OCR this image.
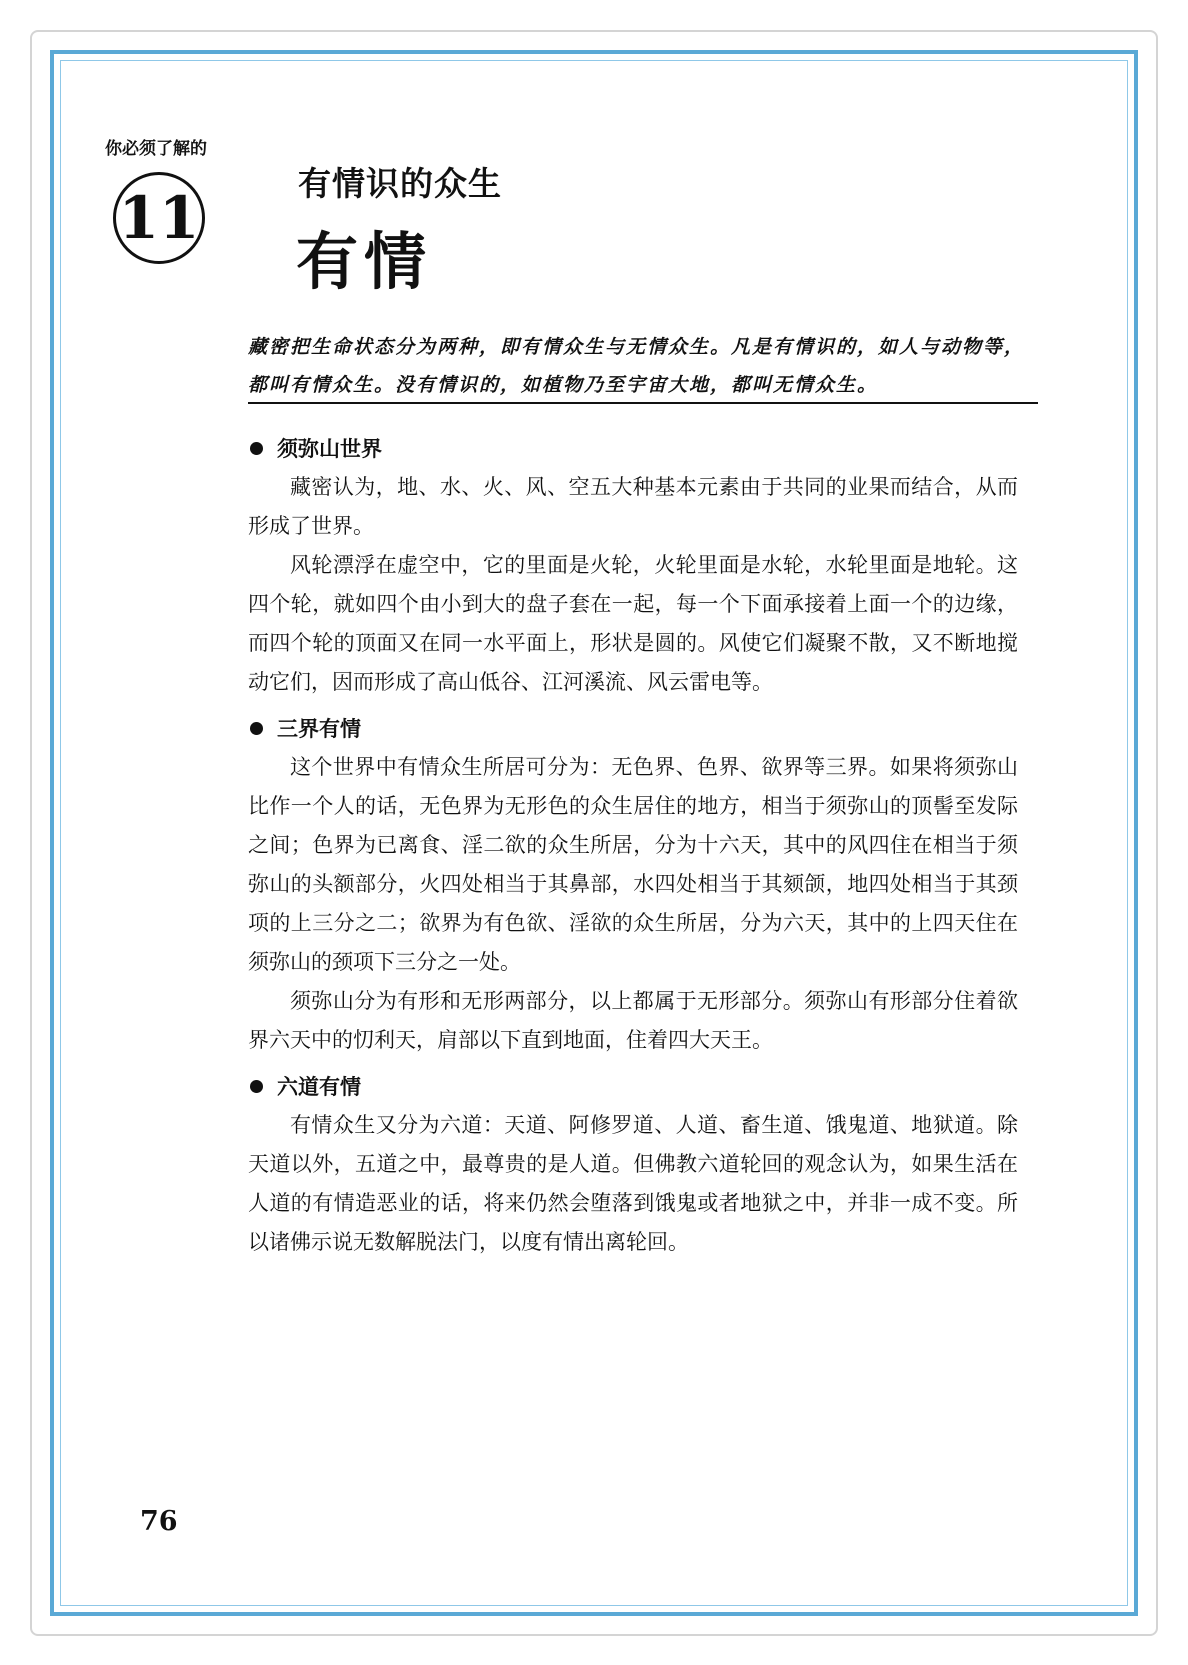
你必须了解的
11
有情识的众生
有情

藏密把生命状态分为两种，即有情众生与无情众生。凡是有情识的，如人与动物等，都叫有情众生。没有情识的，如植物乃至宇宙大地，都叫无情众生。

须弥山世界

藏密认为，地、水、火、风、空五大种基本元素由于共同的业果而结合，从而形成了世界。

风轮漂浮在虚空中，它的里面是火轮，火轮里面是水轮，水轮里面是地轮。这四个轮，就如四个由小到大的盘子套在一起，每一个下面承接着上面一个的边缘，而四个轮的顶面又在同一水平面上，形状是圆的。风使它们凝聚不散，又不断地搅动它们，因而形成了高山低谷、江河溪流、风云雷电等。

三界有情

这个世界中有情众生所居可分为：无色界、色界、欲界等三界。如果将须弥山比作一个人的话，无色界为无形色的众生居住的地方，相当于须弥山的顶髻至发际之间；色界为已离食、淫二欲的众生所居，分为十六天，其中的风四住在相当于须弥山的头额部分，火四处相当于其鼻部，水四处相当于其颏颌，地四处相当于其颈项的上三分之二；欲界为有色欲、淫欲的众生所居，分为六天，其中的上四天住在须弥山的颈项下三分之一处。

须弥山分为有形和无形两部分，以上都属于无形部分。须弥山有形部分住着欲界六天中的忉利天，肩部以下直到地面，住着四大天王。

六道有情

有情众生又分为六道：天道、阿修罗道、人道、畜生道、饿鬼道、地狱道。除天道以外，五道之中，最尊贵的是人道。但佛教六道轮回的观念认为，如果生活在人道的有情造恶业的话，将来仍然会堕落到饿鬼或者地狱之中，并非一成不变。所以诸佛示说无数解脱法门，以度有情出离轮回。

76
